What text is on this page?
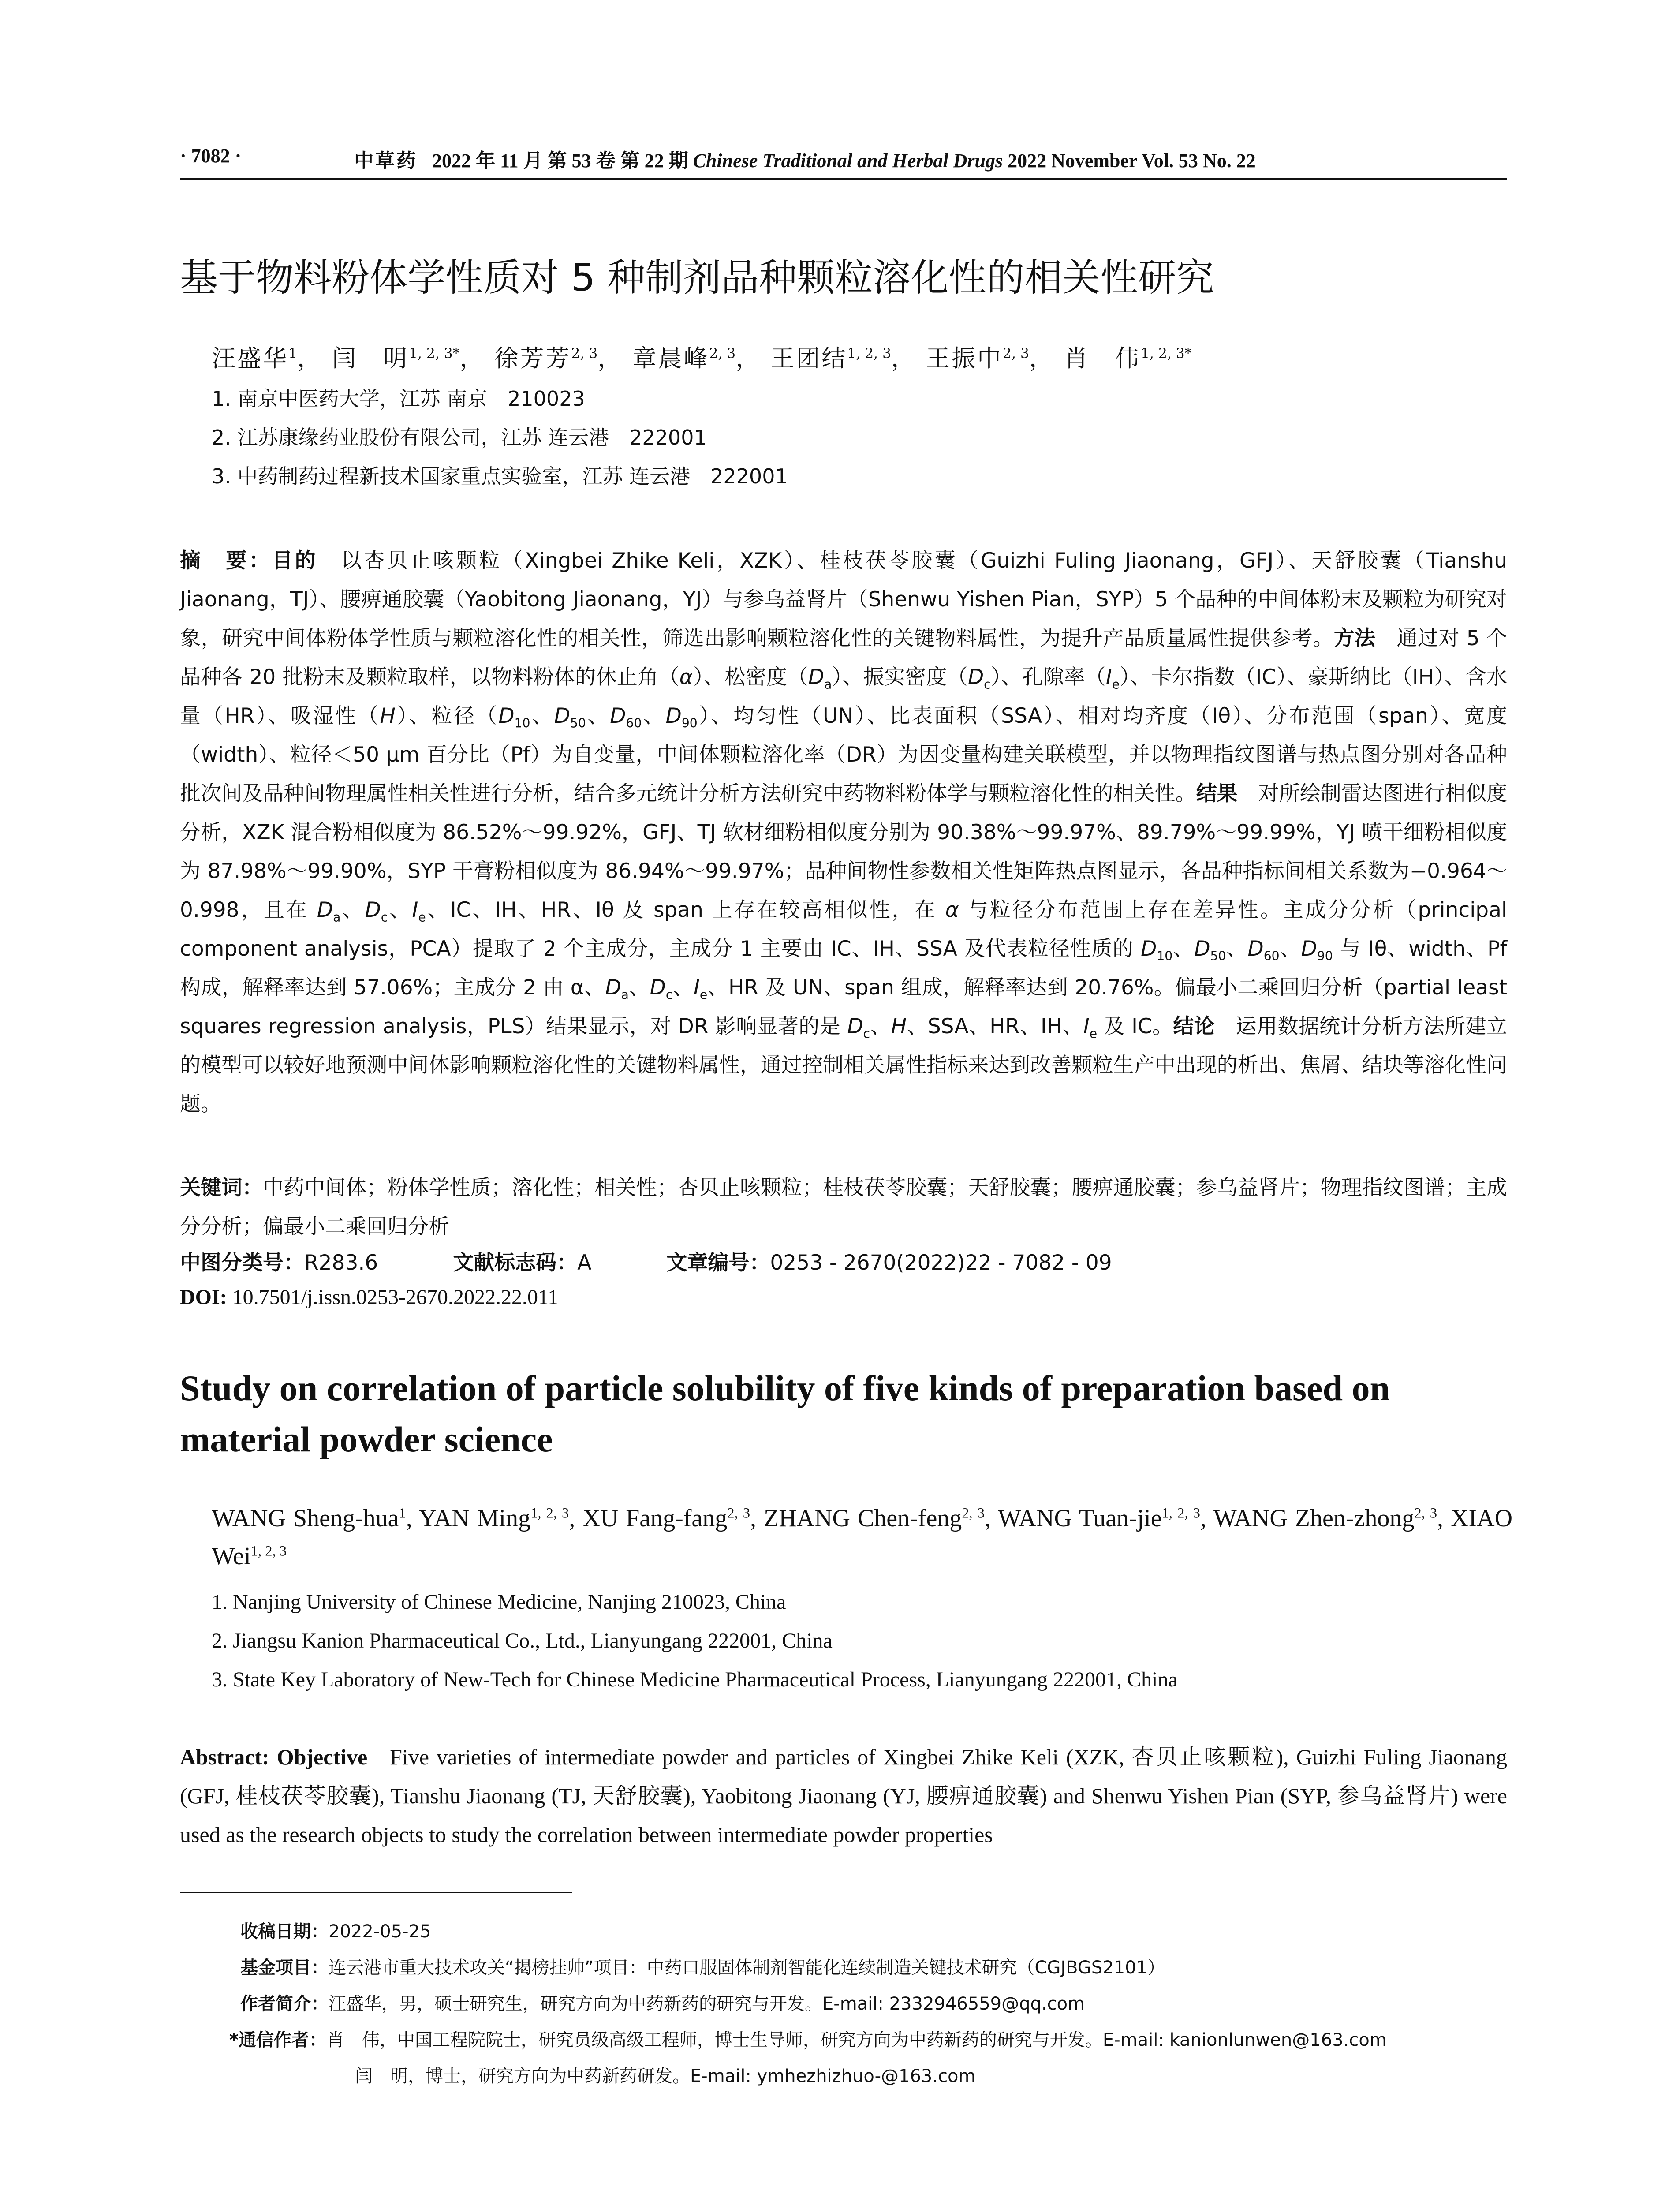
· 7082 ·	中草药 2022 年 11 月 第 53 卷 第 22 期 Chinese Traditional and Herbal Drugs 2022 November Vol. 53 No. 22
基于物料粉体学性质对 5 种制剂品种颗粒溶化性的相关性研究
汪盛华$^1$， 闫　明$^{1, 2, 3*}$， 徐芳芳$^{2, 3}$， 章晨峰$^{2, 3}$， 王团结$^{1, 2, 3}$， 王振中$^{2, 3}$， 肖　伟$^{1, 2, 3*}$
1. 南京中医药大学，江苏 南京　210023
2. 江苏康缘药业股份有限公司，江苏 连云港　222001
3. 中药制药过程新技术国家重点实验室，江苏 连云港　222001
摘　要：目的　 以杏贝止咳颗粒（Xingbei Zhike Keli，XZK）、桂枝茯苓胶囊（Guizhi Fuling Jiaonang，GFJ）、天舒胶囊（Tianshu Jiaonang，TJ）、腰痹通胶囊（Yaobitong Jiaonang，YJ）与参乌益肾片（Shenwu Yishen Pian，SYP）5 个品种的中间体粉末及颗粒为研究对象，研究中间体粉体学性质与颗粒溶化性的相关性，筛选出影响颗粒溶化性的关键物料属性，为提升产品质量属性提供参考。方法　 通过对 5 个品种各 20 批粉末及颗粒取样，以物料粉体的休止角（α）、松密度$(D_a)$、振实密度$(D_c)$、孔隙率$(I_e)$、卡尔指数（IC）、豪斯纳比（IH）、含水量（HR）、吸湿性（H）、粒径（$D_{10}$、$D_{50}$、$D_{60}$、$D_{90}$）、均匀性（UN）、比表面积（SSA）、相对均齐度（Iθ）、分布范围（span）、宽度（width）、粒径＜50 μm 百分比（Pf）为自变量，中间体颗粒溶化率（DR）为因变量构建关联模型，并以物理指纹图谱与热点图分别对各品种批次间及品种间物理属性相关性进行分析，结合多元统计分析方法研究中药物料粉体学与颗粒溶化性的相关性。结果　 对所绘制雷达图进行相似度分析，XZK 混合粉相似度为 86.52%～99.92%，GFJ、TJ 软材细粉相似度分别为 90.38%～99.97%、89.79%～99.99%，YJ 喷干细粉相似度为 87.98%～99.90%，SYP 干膏粉相似度为 86.94%～99.97%；品种间物性参数相关性矩阵热点图显示，各品种指标间相关系数为−0.964～0.998，且在 $D_a$、$D_c$、$I_e$、IC、IH、HR、Iθ 及 span 上存在较高相似性，在 α 与粒径分布范围上存在差异性。主成分分析（principal component analysis，PCA）提取了 2 个主成分，主成分 1 主要由 IC、IH、SSA 及代表粒径性质的 $D_{10}$、$D_{50}$、$D_{60}$、$D_{90}$ 与 Iθ、width、Pf 构成，解释率达到 57.06%；主成分 2 由 α、$D_a$、$D_c$、$I_e$、HR 及 UN、span 组成，解释率达到 20.76%。偏最小二乘回归分析（partial least squares regression analysis，PLS）结果显示，对 DR 影响显著的是 $D_c$、H、SSA、HR、IH、$I_e$ 及 IC。结论　 运用数据统计分析方法所建立的模型可以较好地预测中间体影响颗粒溶化性的关键物料属性，通过控制相关属性指标来达到改善颗粒生产中出现的析出、焦屑、结块等溶化性问题。
关键词：中药中间体；粉体学性质；溶化性；相关性；杏贝止咳颗粒；桂枝茯苓胶囊；天舒胶囊；腰痹通胶囊；参乌益肾片；物理指纹图谱；主成分分析；偏最小二乘回归分析
中图分类号：R283.6	文献标志码：A	文章编号：0253 - 2670(2022)22 - 7082 - 09
DOI: 10.7501/j.issn.0253-2670.2022.22.011
Study on correlation of particle solubility of five kinds of preparation based on material powder science
WANG Sheng-hua$^1$, YAN Ming$^{1, 2, 3}$, XU Fang-fang$^{2, 3}$, ZHANG Chen-feng$^{2, 3}$, WANG Tuan-jie$^{1, 2, 3}$, WANG Zhen-zhong$^{2, 3}$, XIAO Wei$^{1, 2, 3}$
1. Nanjing University of Chinese Medicine, Nanjing 210023, China
2. Jiangsu Kanion Pharmaceutical Co., Ltd., Lianyungang 222001, China
3. State Key Laboratory of New-Tech for Chinese Medicine Pharmaceutical Process, Lianyungang 222001, China
Abstract: Objective Five varieties of intermediate powder and particles of Xingbei Zhike Keli (XZK, 杏贝止咳颗粒), Guizhi Fuling Jiaonang (GFJ, 桂枝茯苓胶囊), Tianshu Jiaonang (TJ, 天舒胶囊), Yaobitong Jiaonang (YJ, 腰痹通胶囊) and Shenwu Yishen Pian (SYP, 参乌益肾片) were used as the research objects to study the correlation between intermediate powder properties
收稿日期：2022-05-25
基金项目：连云港市重大技术攻关“揭榜挂帅”项目：中药口服固体制剂智能化连续制造关键技术研究（CGJBGS2101）
作者简介：汪盛华，男，硕士研究生，研究方向为中药新药的研究与开发。E-mail: 2332946559@qq.com
*通信作者：肖　伟，中国工程院院士，研究员级高级工程师，博士生导师，研究方向为中药新药的研究与开发。E-mail: kanionlunwen@163.com
闫　明，博士，研究方向为中药新药研发。E-mail: ymhezhizhuo-@163.com
